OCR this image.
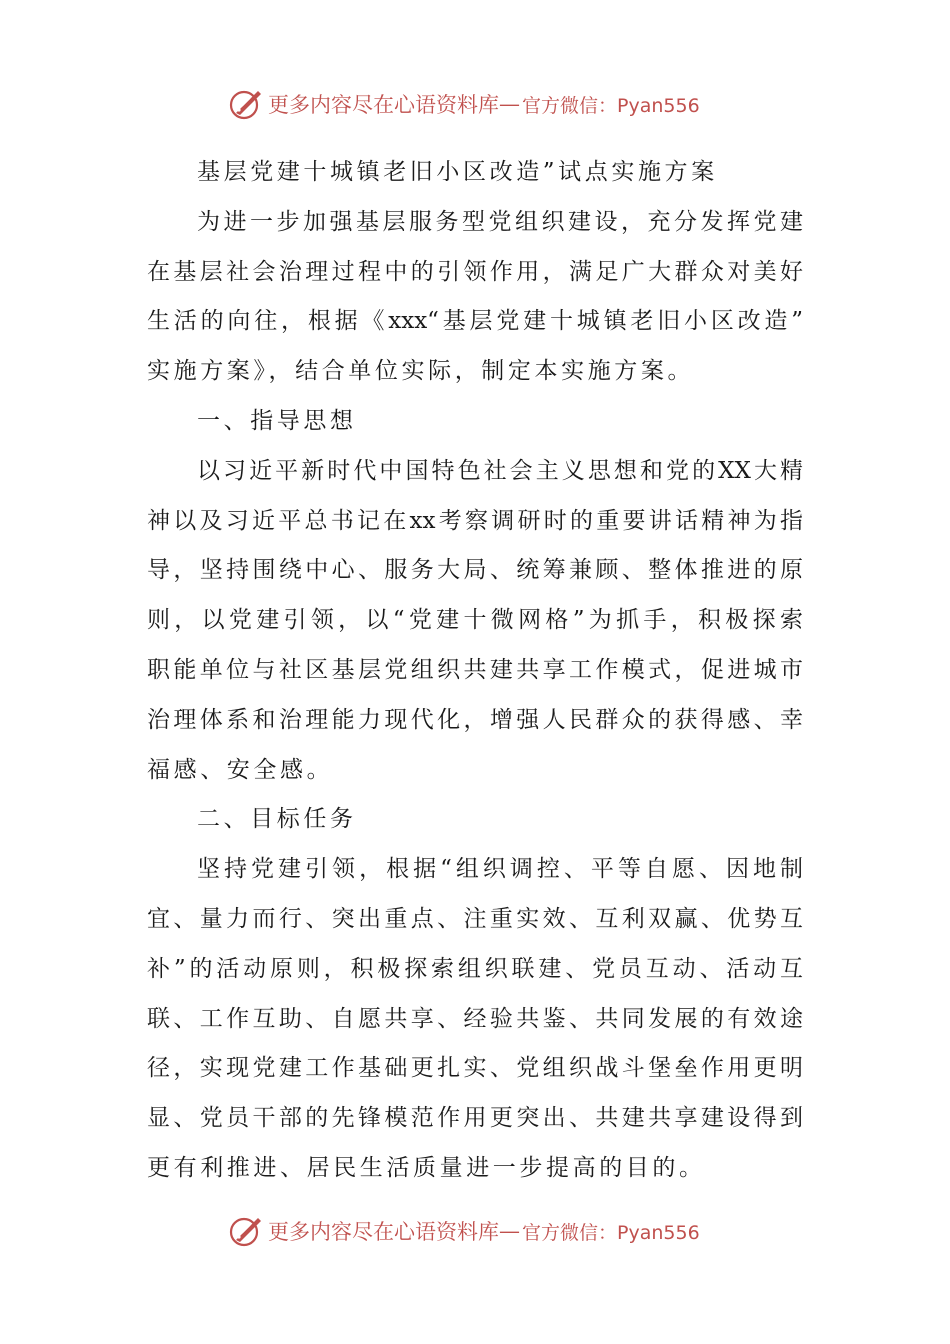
更多内容尽在心语资料库 — 官方微信：Pyan556
基层党建十城镇老旧小区改造”试点实施方案
为进一步加强基层服务型党组织建设，充分发挥党建
在基层社会治理过程中的引领作用，满足广大群众对美好
生活的向往，根据《xxx“基层党建十城镇老旧小区改造”
实施方案》，结合单位实际，制定本实施方案。
一、指导思想
以习近平新时代中国特色社会主义思想和党的XX大精
神以及习近平总书记在xx考察调研时的重要讲话精神为指
导，坚持围绕中心、服务大局、统筹兼顾、整体推进的原
则，以党建引领，以“党建十微网格”为抓手，积极探索
职能单位与社区基层党组织共建共享工作模式，促进城市
治理体系和治理能力现代化，增强人民群众的获得感、幸
福感、安全感。
二、目标任务
坚持党建引领，根据“组织调控、平等自愿、因地制
宜、量力而行、突出重点、注重实效、互利双赢、优势互
补”的活动原则，积极探索组织联建、党员互动、活动互
联、工作互助、自愿共享、经验共鉴、共同发展的有效途
径，实现党建工作基础更扎实、党组织战斗堡垒作用更明
显、党员干部的先锋模范作用更突出、共建共享建设得到
更有利推进、居民生活质量进一步提高的目的。
更多内容尽在心语资料库 — 官方微信：Pyan556
